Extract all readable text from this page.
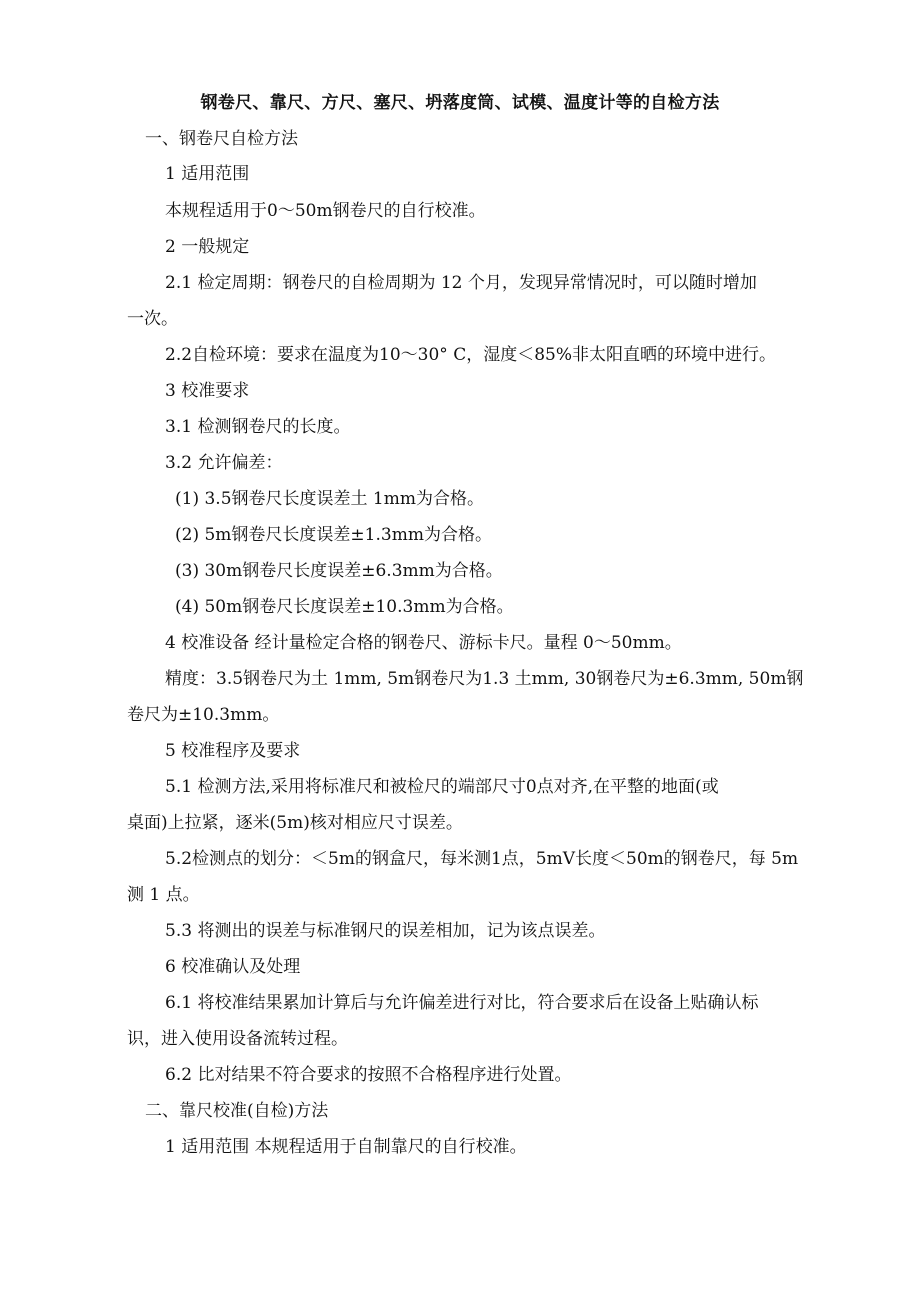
钢卷尺、靠尺、方尺、塞尺、坍落度筒、试模、温度计等的自检方法
一、钢卷尺自检方法
1 适用范围
本规程适用于0～50m钢卷尺的自行校准。
2 一般规定
2.1 检定周期：钢卷尺的自检周期为 12 个月，发现异常情况时，可以随时增加
一次。
2.2自检环境：要求在温度为10～30° C，湿度＜85%非太阳直晒的环境中进行。
3 校准要求
3.1 检测钢卷尺的长度。
3.2 允许偏差：
(1) 3.5钢卷尺长度误差土 1mm为合格。
(2) 5m钢卷尺长度误差±1.3mm为合格。
(3) 30m钢卷尺长度误差±6.3mm为合格。
(4) 50m钢卷尺长度误差±10.3mm为合格。
4 校准设备 经计量检定合格的钢卷尺、游标卡尺。量程 0～50mm。
精度：3.5钢卷尺为土 1mm, 5m钢卷尺为1.3 土mm, 30钢卷尺为±6.3mm, 50m钢
卷尺为±10.3mm。
5 校准程序及要求
5.1 检测方法,采用将标准尺和被检尺的端部尺寸0点对齐,在平整的地面(或
桌面)上拉紧，逐米(5m)核对相应尺寸误差。
5.2检测点的划分：＜5m的钢盒尺，每米测1点，5mV长度＜50m的钢卷尺，每 5m
测 1 点。
5.3 将测出的误差与标准钢尺的误差相加，记为该点误差。
6 校准确认及处理
6.1 将校准结果累加计算后与允许偏差进行对比，符合要求后在设备上贴确认标
识，进入使用设备流转过程。
6.2 比对结果不符合要求的按照不合格程序进行处置。
二、靠尺校准(自检)方法
1 适用范围 本规程适用于自制靠尺的自行校准。
